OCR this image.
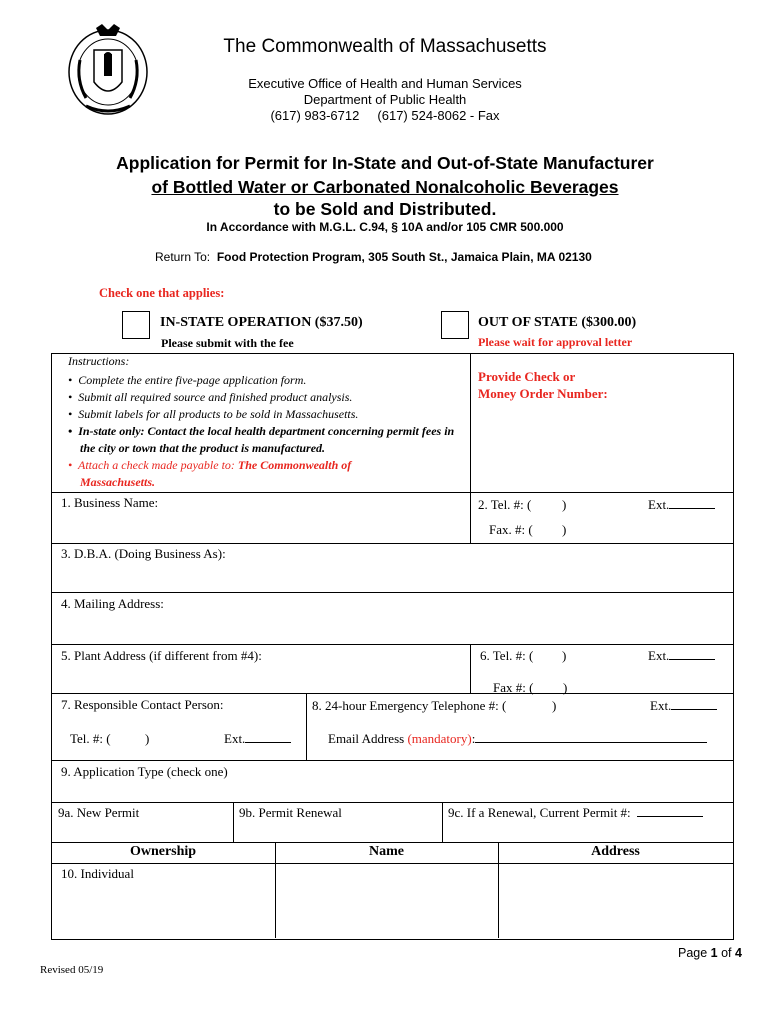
The Commonwealth of Massachusetts
Executive Office of Health and Human Services
Department of Public Health
(617) 983-6712     (617) 524-8062 - Fax
Application for Permit for In-State and Out-of-State Manufacturer
of Bottled Water or Carbonated Nonalcoholic Beverages
to be Sold and Distributed.
In Accordance with M.G.L. C.94, § 10A and/or 105 CMR 500.000
Return To: Food Protection Program, 305 South St., Jamaica Plain, MA 02130
Check one that applies:
IN-STATE OPERATION ($37.50)
Please submit with the fee
OUT OF STATE ($300.00)
Please wait for approval letter
Instructions:
•  Complete the entire five-page application form.
•  Submit all required source and finished product analysis.
•  Submit labels for all products to be sold in Massachusetts.
•  In-state only: Contact the local health department concerning permit fees in the city or town that the product is manufactured.
•  Attach a check made payable to: The Commonwealth of Massachusetts.
Provide Check or
Money Order Number:
1. Business Name:	2. Tel. #: ( )	Ext.
Fax. #: ( )
3. D.B.A. (Doing Business As):
4. Mailing Address:
5. Plant Address (if different from #4):	6. Tel. #: ( )	Ext.
Fax #: ( )
7. Responsible Contact Person:	8. 24-hour Emergency Telephone #: (	)	Ext.
Tel. #: (	)	Ext.	Email Address (mandatory):
9. Application Type (check one)
9a. New Permit	9b. Permit Renewal	9c. If a Renewal, Current Permit #:
Ownership	Name	Address
10. Individual
Page 1 of 4
Revised 05/19
